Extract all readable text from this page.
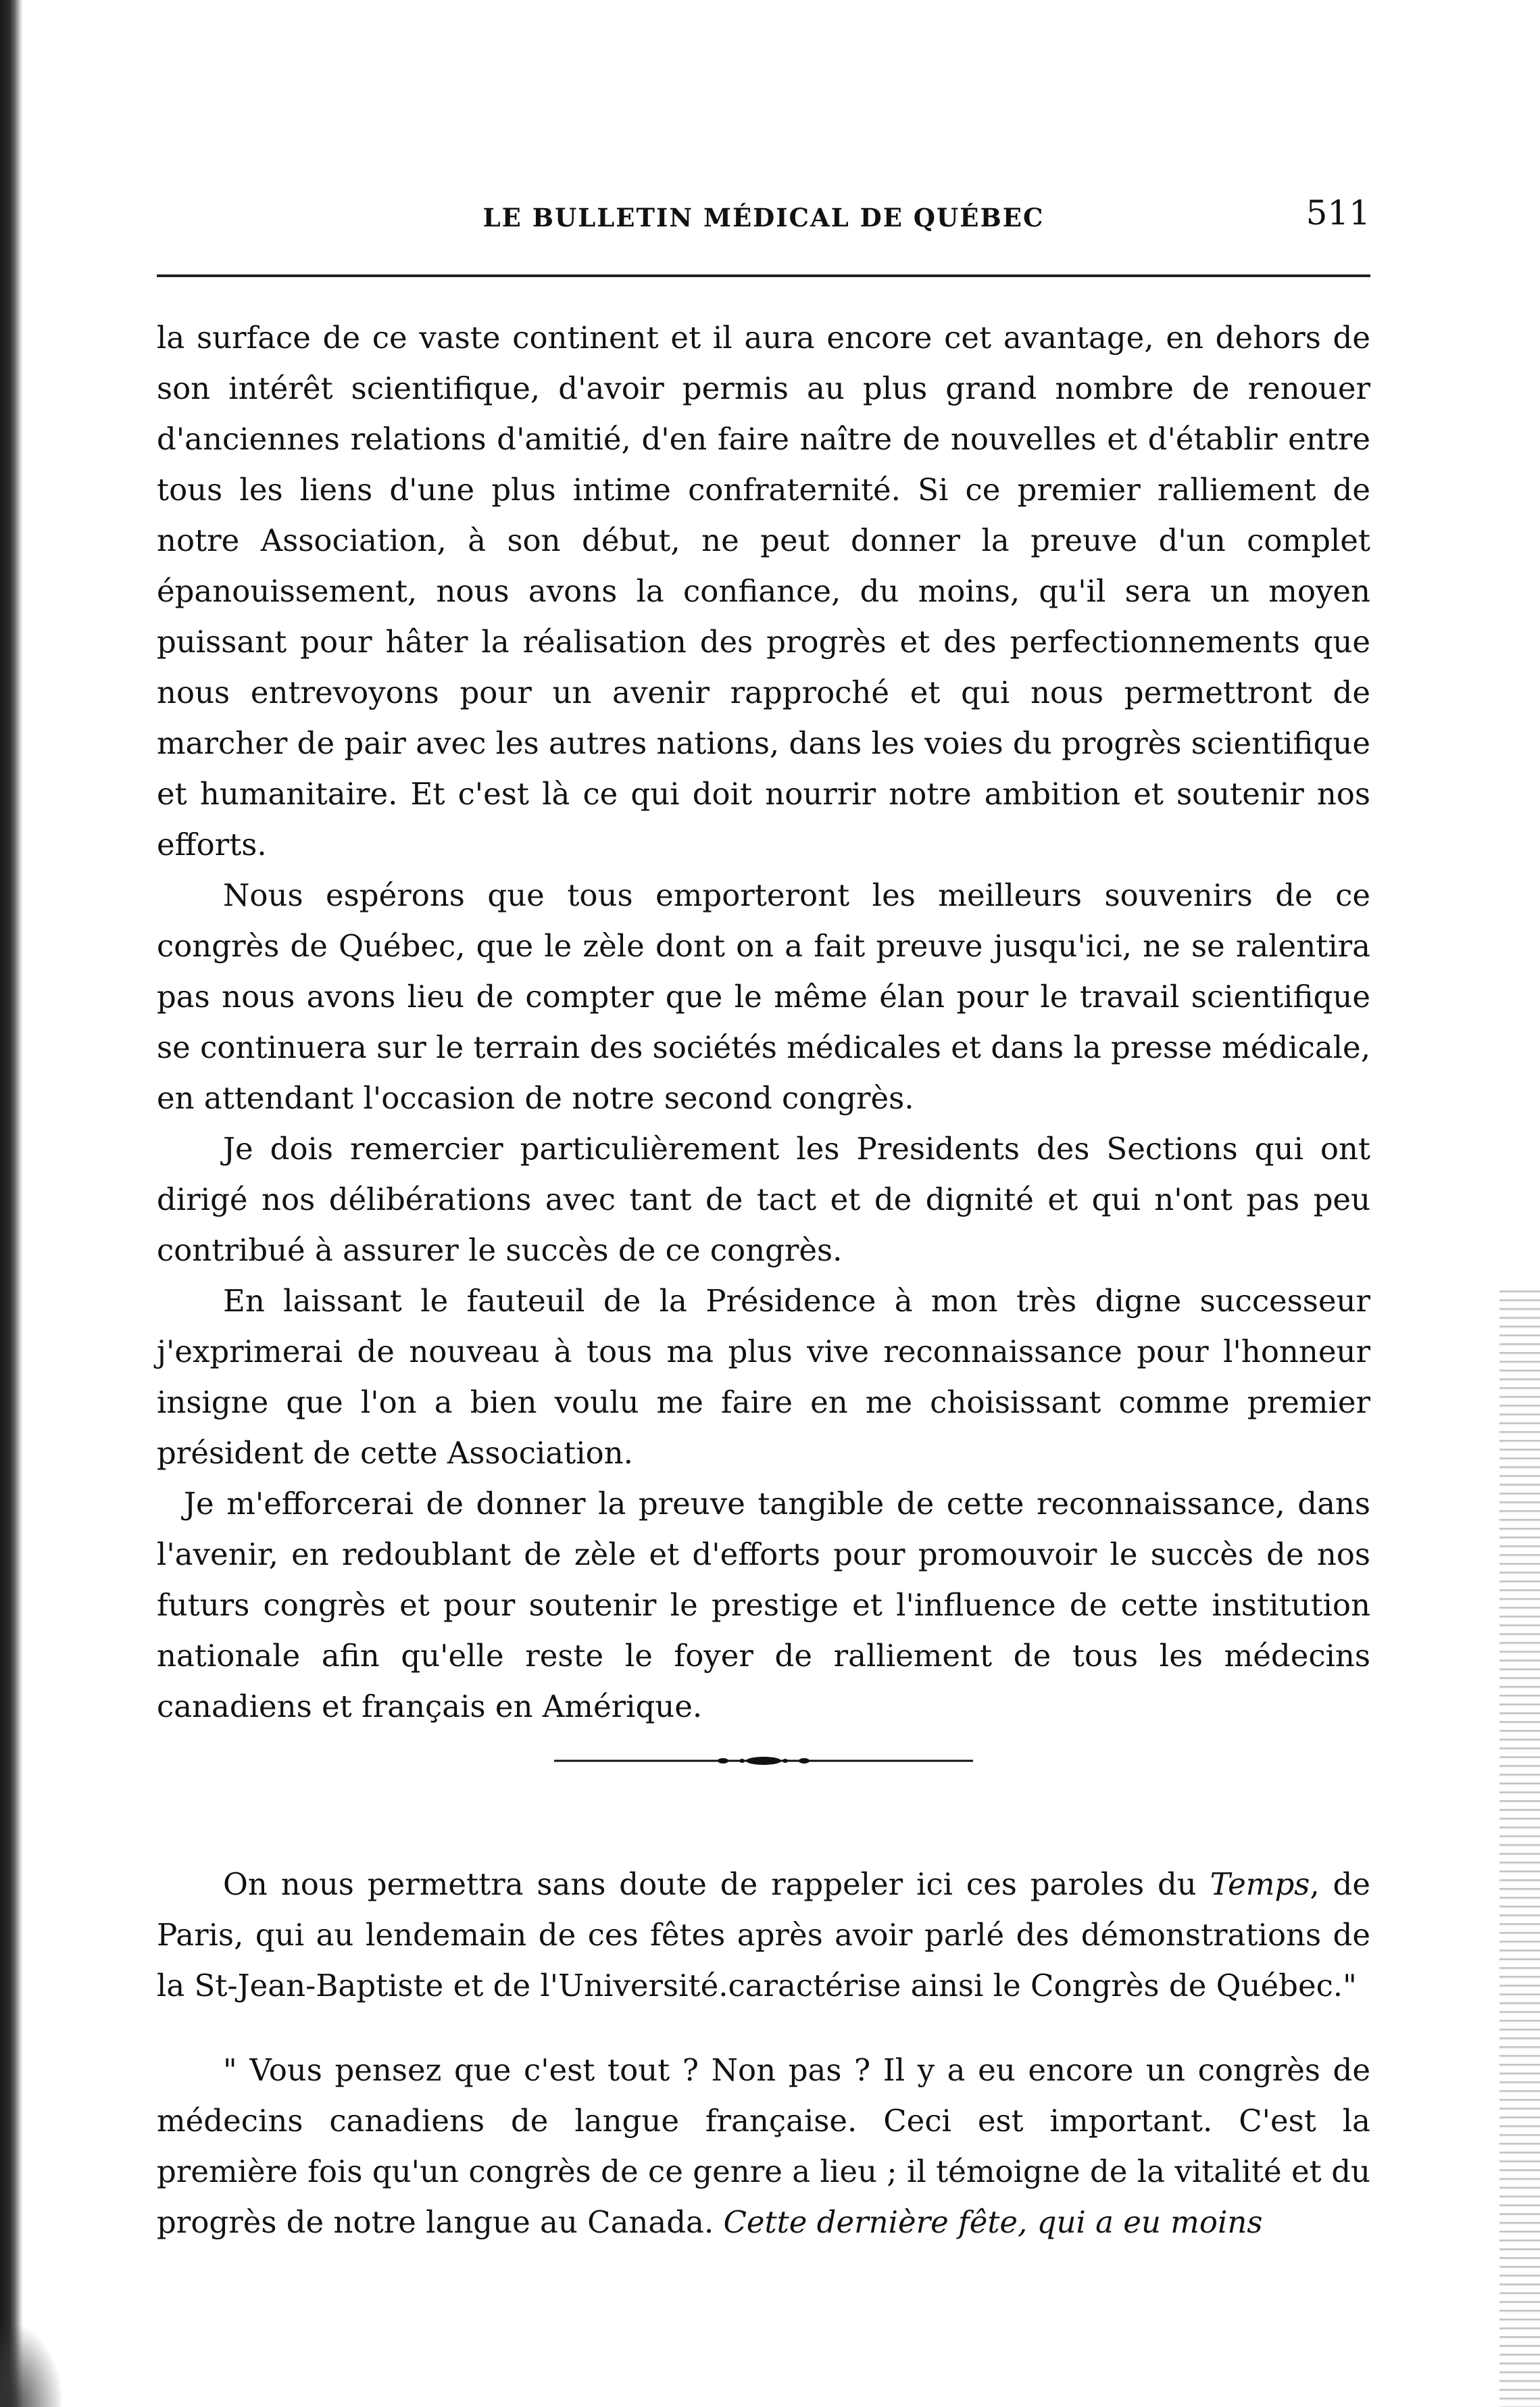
LE BULLETIN MÉDICAL DE QUÉBEC	511

la surface de ce vaste continent et il aura encore cet avantage, en dehors de son intérêt scientifique, d'avoir permis au plus grand nombre de renouer d'anciennes relations d'amitié, d'en faire naître de nouvelles et d'établir entre tous les liens d'une plus intime confraternité. Si ce premier ralliement de notre Association, à son début, ne peut donner la preuve d'un complet épanouissement, nous avons la confiance, du moins, qu'il sera un moyen puissant pour hâter la réalisation des progrès et des perfectionnements que nous entrevoyons pour un avenir rapproché et qui nous permettront de marcher de pair avec les autres nations, dans les voies du progrès scientifique et humanitaire. Et c'est là ce qui doit nourrir notre ambition et soutenir nos efforts.

Nous espérons que tous emporteront les meilleurs souvenirs de ce congrès de Québec, que le zèle dont on a fait preuve jusqu'ici, ne se ralentira pas nous avons lieu de compter que le même élan pour le travail scientifique se continuera sur le terrain des sociétés médicales et dans la presse médicale, en attendant l'occasion de notre second congrès.

Je dois remercier particulièrement les Presidents des Sections qui ont dirigé nos délibérations avec tant de tact et de dignité et qui n'ont pas peu contribué à assurer le succès de ce congrès.

En laissant le fauteuil de la Présidence à mon très digne successeur j'exprimerai de nouveau à tous ma plus vive reconnaissance pour l'honneur insigne que l'on a bien voulu me faire en me choisissant comme premier président de cette Association.

Je m'efforcerai de donner la preuve tangible de cette reconnaissance, dans l'avenir, en redoublant de zèle et d'efforts pour promouvoir le succès de nos futurs congrès et pour soutenir le prestige et l'influence de cette institution nationale afin qu'elle reste le foyer de ralliement de tous les médecins canadiens et français en Amérique.

On nous permettra sans doute de rappeler ici ces paroles du Temps, de Paris, qui au lendemain de ces fêtes après avoir parlé des démonstrations de la St-Jean-Baptiste et de l'Université.caractérise ainsi le Congrès de Québec."

" Vous pensez que c'est tout ? Non pas ? Il y a eu encore un congrès de médecins canadiens de langue française. Ceci est important. C'est la première fois qu'un congrès de ce genre a lieu ; il témoigne de la vitalité et du progrès de notre langue au Canada. Cette dernière fête, qui a eu moins
